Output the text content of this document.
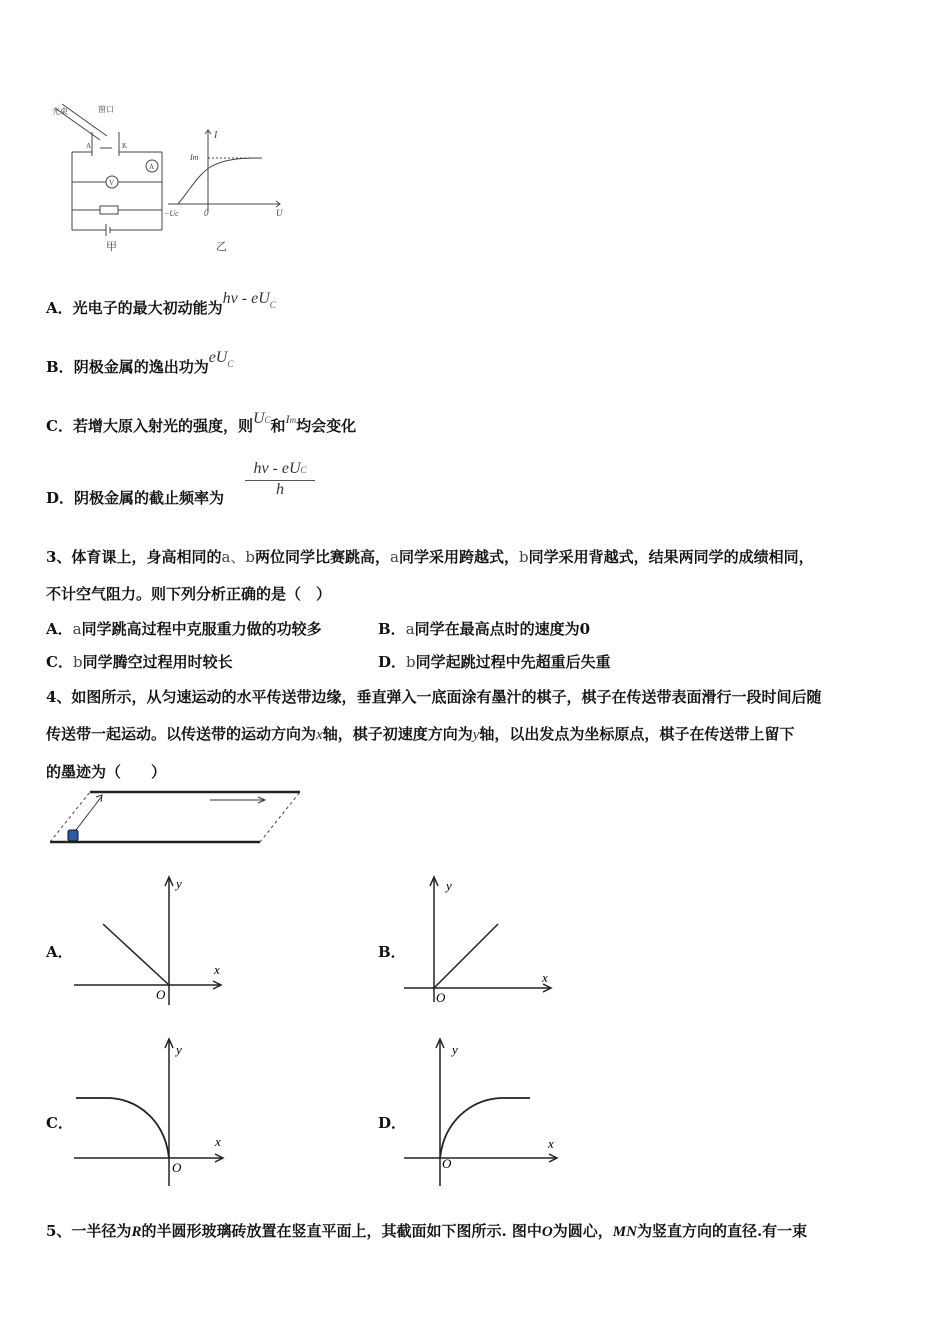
光束	窗口
A	K
A
V
甲
I
Im
−Uc	0	U
乙
A．光电子的最大初动能为hν - $eU_C$
B．阴极金属的逸出功为$eU_C$
C．若增大原入射光的强度，则UC和$^{Im}$均会变化
D．阴极金属的截止频率为
hν - eUC
h
3、体育课上，身高相同的a、b两位同学比赛跳高，a同学采用跨越式，b同学采用背越式，结果两同学的成绩相同，
不计空气阻力。则下列分析正确的是（　）
A．a同学跳高过程中克服重力做的功较多	B．a同学在最高点时的速度为0
C．b同学腾空过程用时较长	D．b同学起跳过程中先超重后失重
4、如图所示，从匀速运动的水平传送带边缘，垂直弹入一底面涂有墨汁的棋子，棋子在传送带表面滑行一段时间后随
传送带一起运动。以传送带的运动方向为x轴，棋子初速度方向为y轴，以出发点为坐标原点，棋子在传送带上留下
的墨迹为（　　）
A．
y
x
O
B．
y
x
O
C．
y
x
O
D．
y
x
O
5、一半径为R的半圆形玻璃砖放置在竖直平面上，其截面如下图所示. 图中O为圆心，MN为竖直方向的直径.有一束
